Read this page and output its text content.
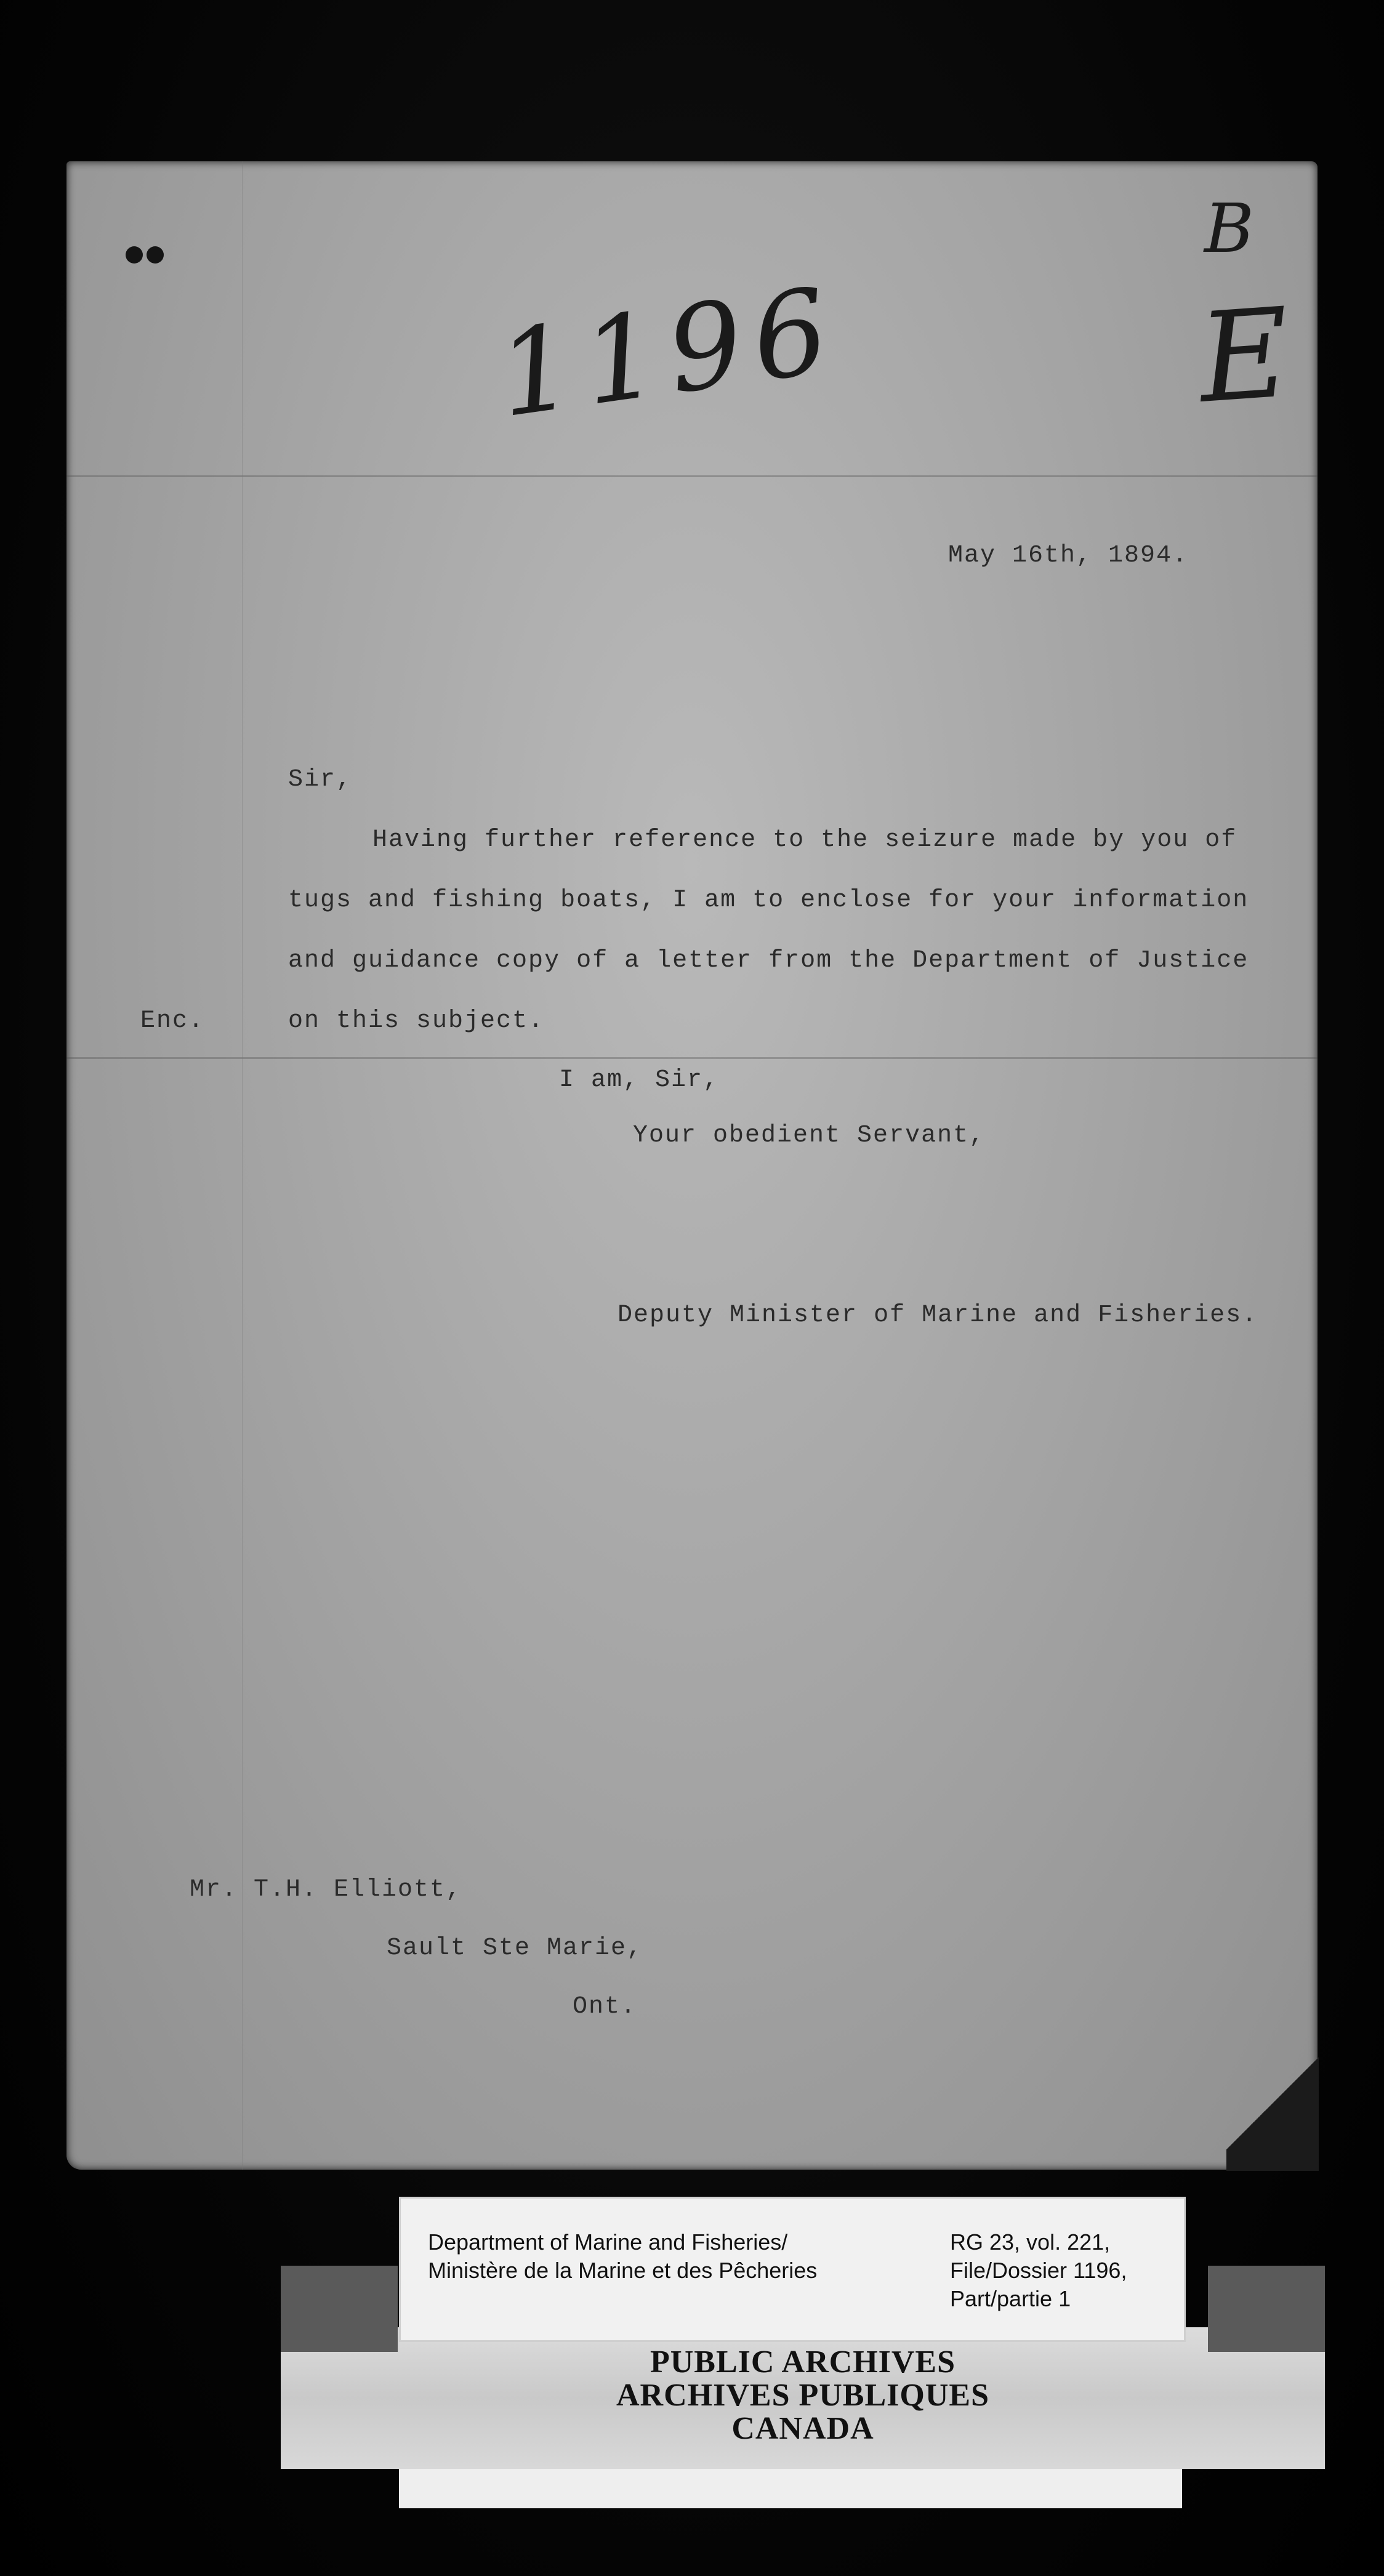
1196
B
E
May 16th, 1894.
Sir,
Having further reference to the seizure made by you of
tugs and fishing boats, I am to enclose for your information
and guidance copy of a letter from the Department of Justice
on this subject.
Enc.
I am, Sir,
Your obedient Servant,
Deputy Minister of Marine and Fisheries.
Mr. T.H. Elliott,
Sault Ste Marie,
Ont.
PUBLIC ARCHIVES
ARCHIVES PUBLIQUES
CANADA
Department of Marine and Fisheries/
Ministère de la Marine et des Pêcheries
RG 23, vol. 221,
File/Dossier 1196,
Part/partie 1
